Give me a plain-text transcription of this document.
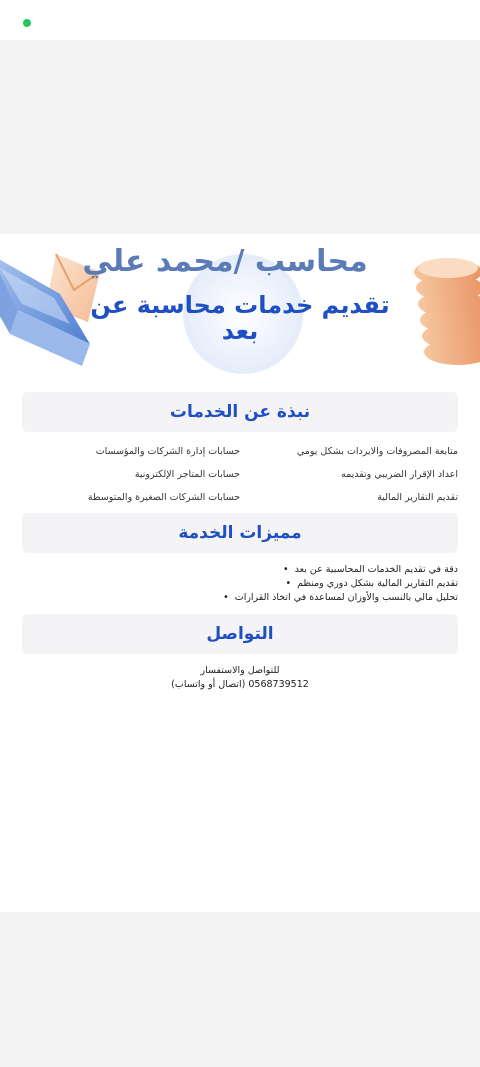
محاسب /محمد علي
تقديم خدمات محاسبة عن بعد
نبذة عن الخدمات
متابعة المصروفات والايردات بشكل يومي
حسابات إدارة الشركات والمؤسسات
اعداد الإقرار الضريبي وتقديمه
حسابات المتاجر الإلكترونية
تقديم التقارير المالية
حسابات الشركات الصغيرة والمتوسطة
مميزات الخدمة
دقة في تقديم الخدمات المحاسبية عن بعد •
تقديم التقارير المالية بشكل دوري ومنظم •
تحليل مالي بالنسب والأوزان لمساعدة في اتخاذ القرارات •
التواصل

للتواصل والاستفسار

0568739512 (اتصال أو واتساب)
